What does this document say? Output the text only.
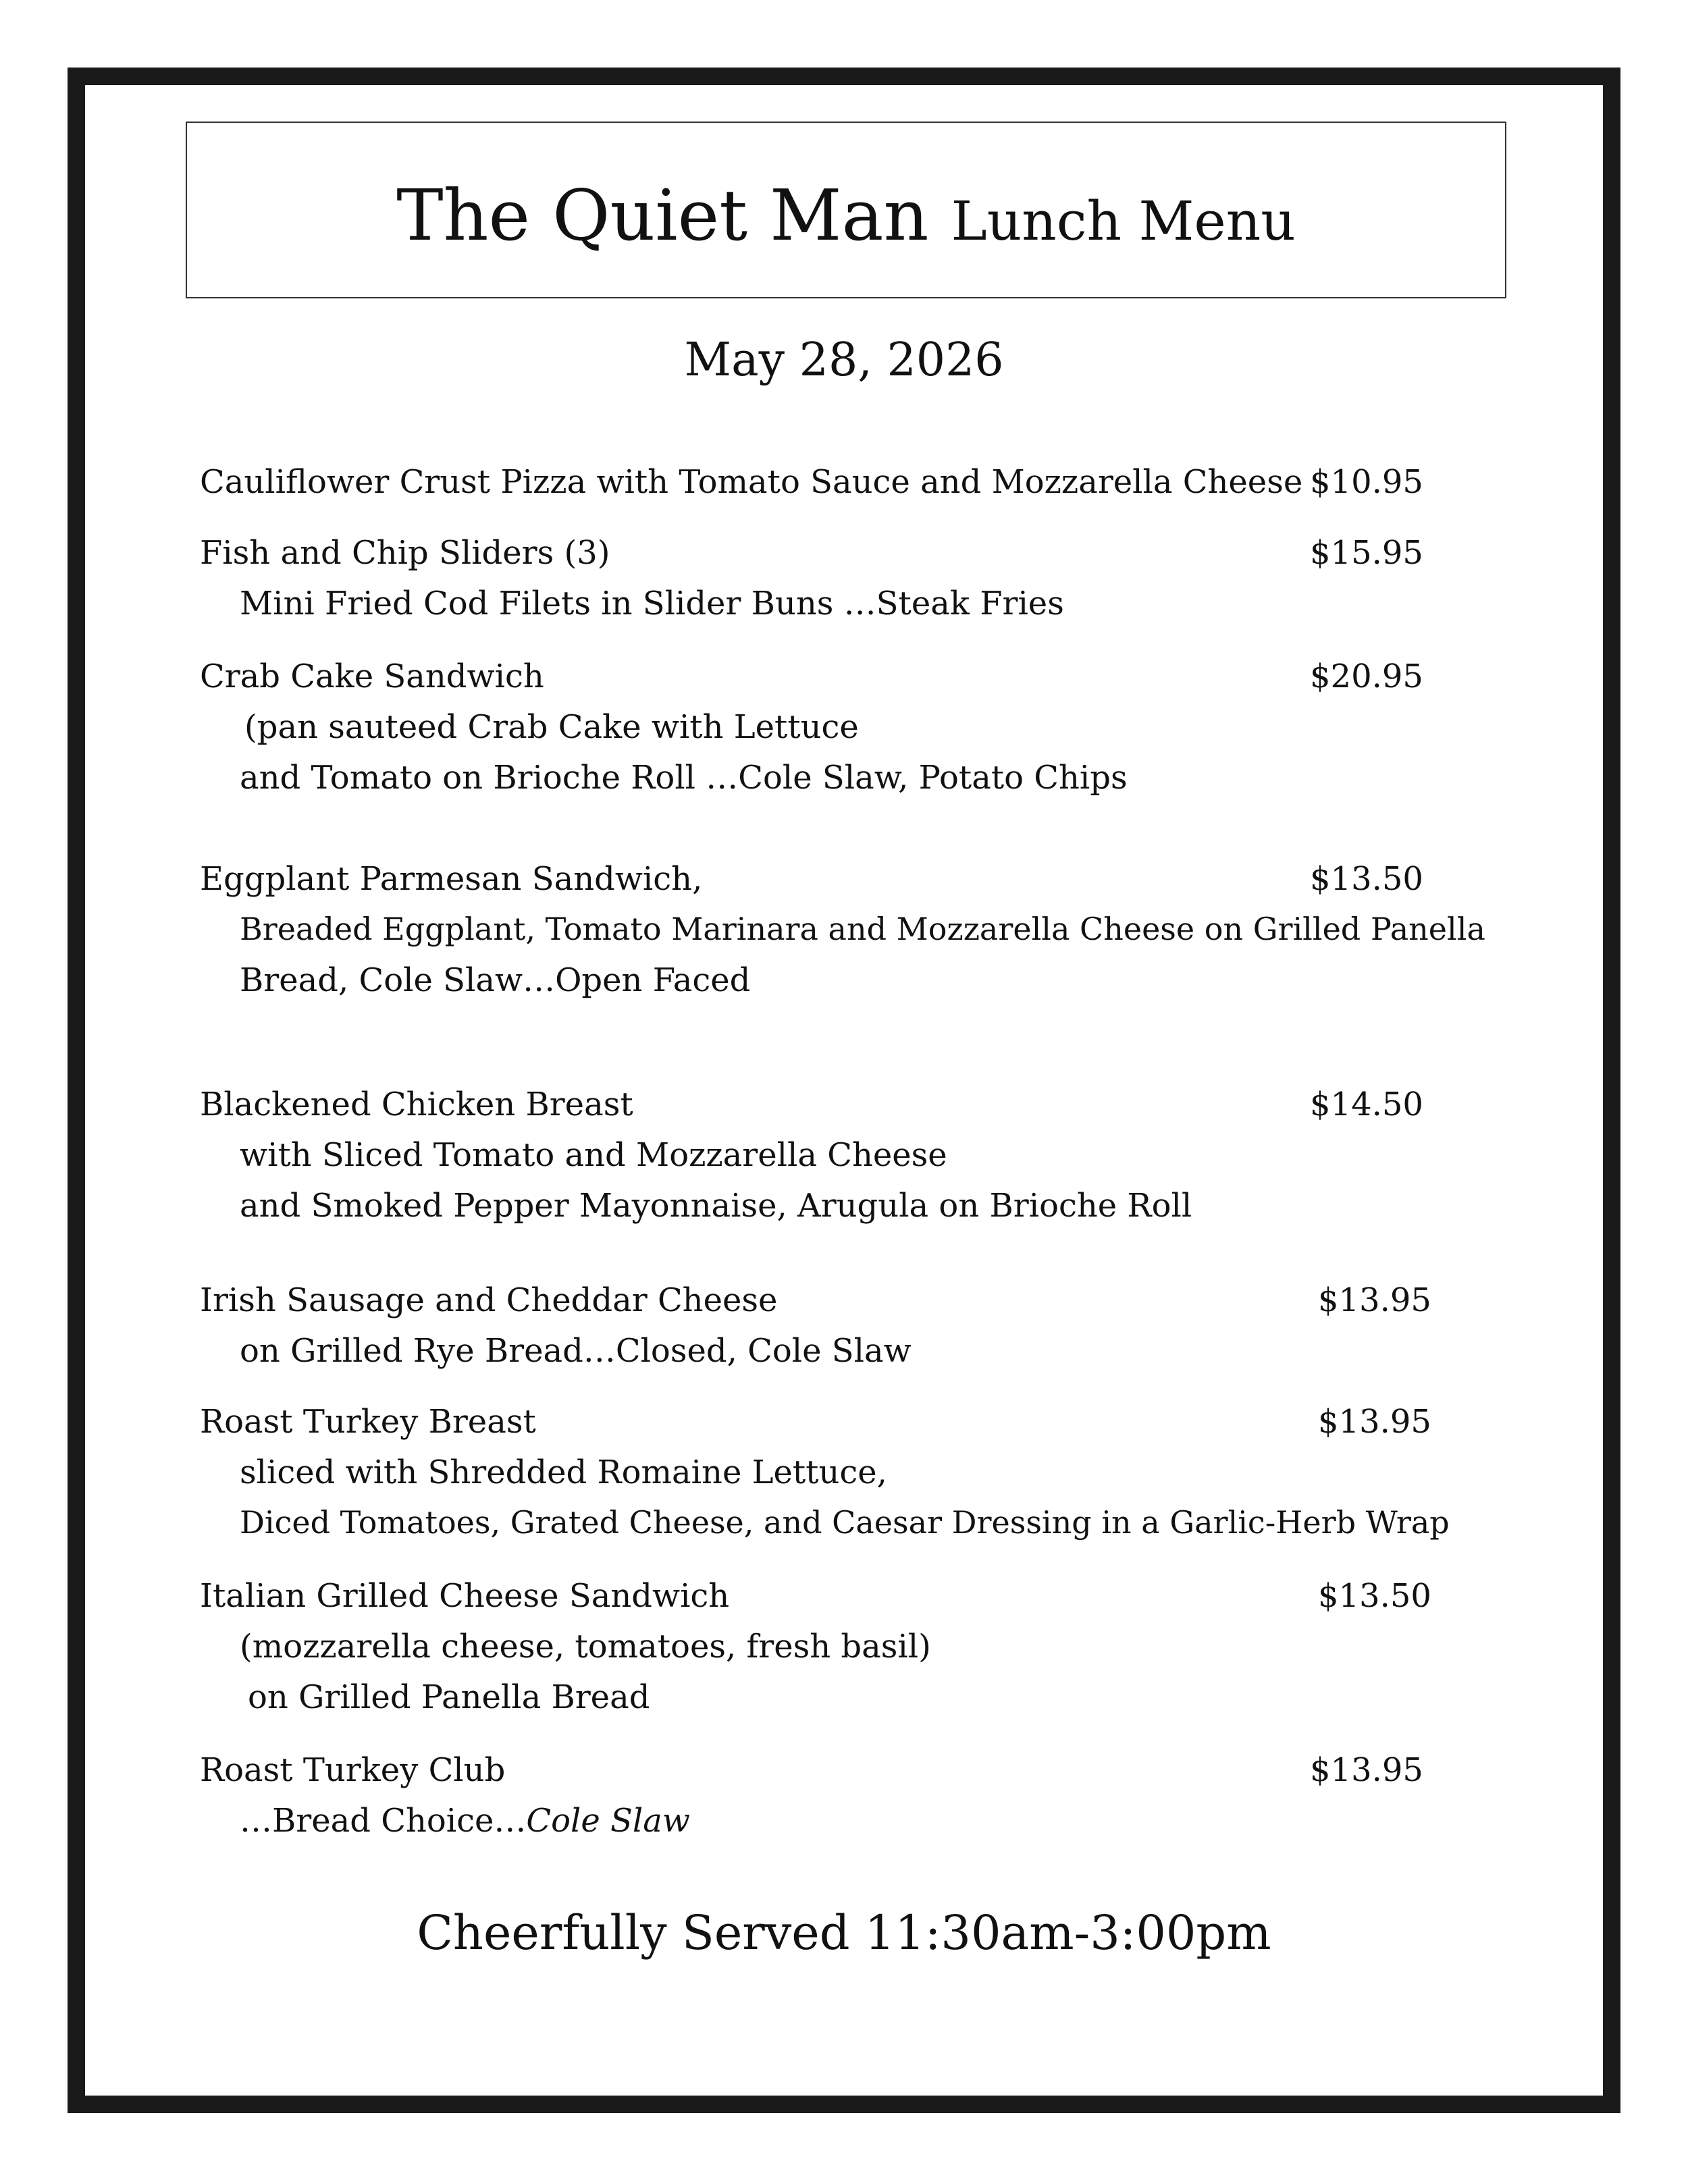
The Quiet Man Lunch Menu
May 28, 2026
Cauliflower Crust Pizza with Tomato Sauce and Mozzarella Cheese $10.95
Fish and Chip Sliders (3)	$15.95
Mini Fried Cod Filets in Slider Buns …Steak Fries
Crab Cake Sandwich	$20.95
(pan sauteed Crab Cake with Lettuce
and Tomato on Brioche Roll …Cole Slaw, Potato Chips
Eggplant Parmesan Sandwich,	$13.50
Breaded Eggplant, Tomato Marinara and Mozzarella Cheese on Grilled Panella
Bread, Cole Slaw…Open Faced
Blackened Chicken Breast	$14.50
with Sliced Tomato and Mozzarella Cheese
and Smoked Pepper Mayonnaise, Arugula on Brioche Roll
Irish Sausage and Cheddar Cheese	$13.95
on Grilled Rye Bread…Closed, Cole Slaw
Roast Turkey Breast	$13.95
sliced with Shredded Romaine Lettuce,
Diced Tomatoes, Grated Cheese, and Caesar Dressing in a Garlic-Herb Wrap
Italian Grilled Cheese Sandwich	$13.50
(mozzarella cheese, tomatoes, fresh basil)
on Grilled Panella Bread
Roast Turkey Club	$13.95
…Bread Choice…Cole Slaw
Cheerfully Served 11:30am-3:00pm
